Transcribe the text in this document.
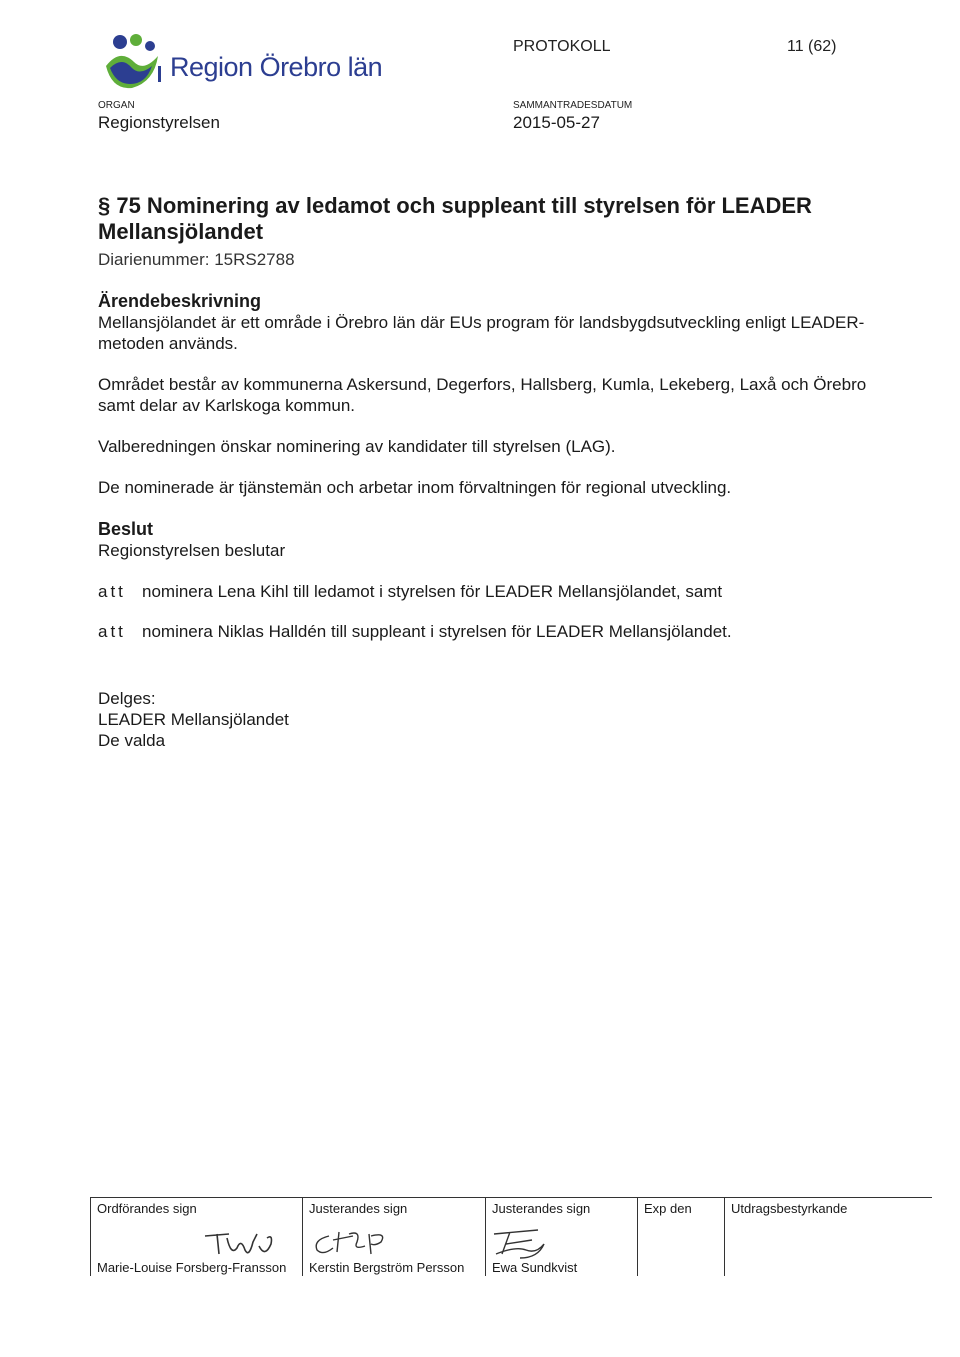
Region Örebro län
PROTOKOLL	11 (62)
ORGAN
Regionstyrelsen
SAMMANTRADESDATUM
2015-05-27
§ 75 Nominering av ledamot och suppleant till styrelsen för LEADER Mellansjölandet

Diarienummer: 15RS2788

Ärendebeskrivning

Mellansjölandet är ett område i Örebro län där EUs program för landsbygdsutveckling enligt LEADER-metoden används.

Området består av kommunerna Askersund, Degerfors, Hallsberg, Kumla, Lekeberg, Laxå och Örebro samt delar av Karlskoga kommun.

Valberedningen önskar nominering av kandidater till styrelsen (LAG).

De nominerade är tjänstemän och arbetar inom förvaltningen för regional utveckling.

Beslut

Regionstyrelsen beslutar

att nominera Lena Kihl till ledamot i styrelsen för LEADER Mellansjölandet, samt
att nominera Niklas Halldén till suppleant i styrelsen för LEADER Mellansjölandet.
Delges:
LEADER Mellansjölandet
De valda
Ordförandes sign
Marie-Louise Forsberg-Fransson
Justerandes sign
Kerstin Bergström Persson
Justerandes sign
Ewa Sundkvist
Exp den	Utdragsbestyrkande
